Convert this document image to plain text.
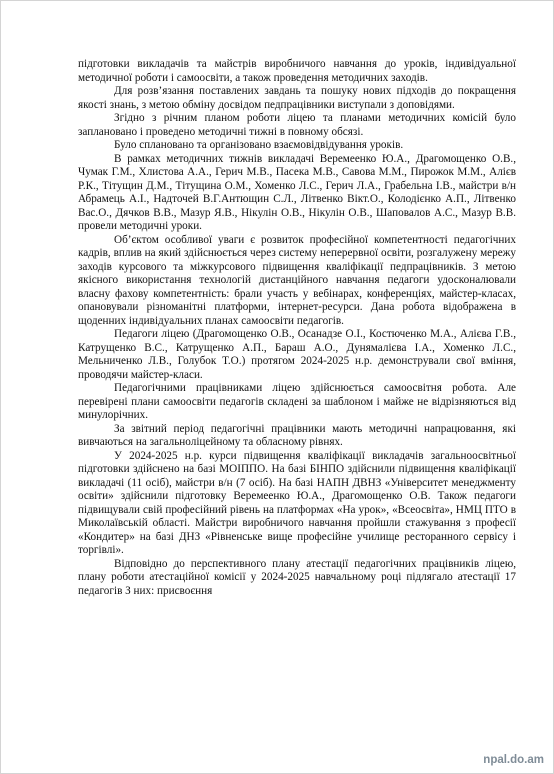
підготовки викладачів та майстрів виробничого навчання до уроків, індивідуальної методичної роботи і самоосвіти, а також проведення методичних заходів.

Для розв’язання поставлених завдань та пошуку нових підходів до покращення якості знань, з метою обміну досвідом педпрацівники виступали з доповідями.

Згідно з річним планом роботи ліцею та планами методичних комісій було заплановано і проведено методичні тижні в повному обсязі.

Було сплановано та організовано взаємовідвідування уроків.

В рамках методичних тижнів викладачі Веремеенко Ю.А., Драгомощенко О.В., Чумак Г.М., Хлистова А.А., Герич М.В., Пасека М.В., Савова М.М., Пирожок М.М., Алієв Р.К., Тітущин Д.М., Тітущина О.М., Хоменко Л.С., Герич Л.А., Грабельна І.В., майстри в/н Абрамець А.І., Надточей В.Г.Антющин С.Л., Літвенко Вікт.О., Колодієнко А.П., Літвенко Вас.О., Дячков В.В., Мазур Я.В., Нікулін О.В., Нікулін О.В., Шаповалов А.С., Мазур В.В. провели методичні уроки.

Об’єктом особливої уваги є розвиток професійної компетентності педагогічних кадрів, вплив на який здійснюється через систему неперервної освіти, розгалужену мережу заходів курсового та міжкурсового підвищення кваліфікації педпрацівників. З метою якісного використання технологій дистанційного навчання педагоги удосконалювали власну фахову компетентність: брали участь у вебінарах, конференціях, майстер-класах, опановували різноманітні платформи, інтернет-ресурси. Дана робота відображена в щоденних індивідуальних планах самоосвіти педагогів.

Педагоги ліцею (Драгомощенко О.В., Осанадзе О.І., Костюченко М.А., Алієва Г.В., Катрущенко В.С., Катрущенко А.П., Бараш А.О., Дунямалієва І.А., Хоменко Л.С., Мельниченко Л.В., Голубок Т.О.) протягом 2024-2025 н.р. демонстрували свої вміння, проводячи майстер-класи.

Педагогічними працівниками ліцею здійснюється самоосвітня робота. Але перевірені плани самоосвіти педагогів складені за шаблоном і майже не відрізняються від минулорічних.

За звітний період педагогічні працівники мають методичні напрацювання, які вивчаються на загальноліцейному та обласному рівнях.

У 2024-2025 н.р. курси підвищення кваліфікації викладачів загальноосвітньої підготовки здійснено на базі МОІППО. На базі БІНПО здійснили підвищення кваліфікації викладачі (11 осіб), майстри в/н (7 осіб). На базі НАПН ДВНЗ «Університет менеджменту освіти» здійснили підготовку Веремеенко Ю.А., Драгомощенко О.В. Також педагоги підвищували свій професійний рівень на платформах «На урок», «Всеосвіта», НМЦ ПТО в Миколаївській області. Майстри виробничого навчання пройшли стажування з професії «Кондитер» на базі ДНЗ «Рівненське вище професійне училище ресторанного сервісу і торгівлі».

Відповідно до перспективного плану атестації педагогічних працівників ліцею, плану роботи атестаційної комісії у 2024-2025 навчальному році підлягало атестації 17 педагогів З них: присвоєння

npal.do.am
